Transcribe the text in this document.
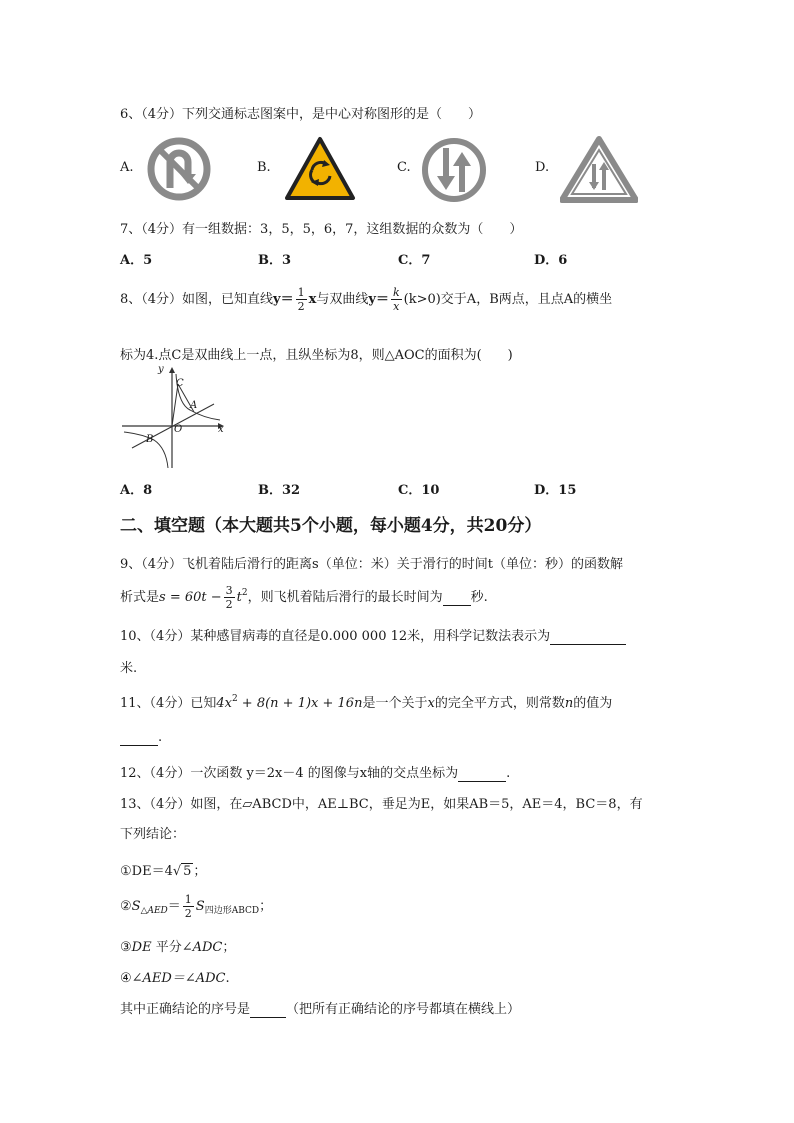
6、（4分）下列交通标志图案中，是中心对称图形的是（　　）
A.	B.	C.	D.
7、（4分）有一组数据：3，5，5，6，7，这组数据的众数为（　　）
A．5	B．3	C．7	D．6
8、（4分）如图，已知直线$y= \frac{1}{2}$ x与双曲线$y= \frac{k}{x} (k>0)$交于A，B两点，且点A的横坐
标为4.点C是双曲线上一点，且纵坐标为8，则△AOC的面积为(　　)
y
x
O
A
B
C
A．8	B．32	C．10	D．15
二、填空题（本大题共5个小题，每小题4分，共20分）
9、（4分）飞机着陆后滑行的距离s（单位：米）关于滑行的时间t（单位：秒）的函数解
析式是$s = 60t - \frac{3}{2} t^2$，则飞机着陆后滑行的最长时间为 秒.
10、（4分）某种感冒病毒的直径是0.000 000 12米，用科学记数法表示为
米.
11、（4分）已知$4x^2 + 8(n + 1)x + 16n$是一个关于x的完全平方式，则常数n的值为
.
12、（4分）一次函数 y＝2x－4 的图像与x轴的交点坐标为	.
13、（4分）如图，在▱ABCD中，AE⊥BC，垂足为E，如果AB＝5，AE＝4，BC＝8，有
下列结论：
①DE＝4√ 5 ；
$②S_{\triangle AED}= \frac{1}{2} S_{四边形ABCD}$；
③DE 平分∠ADC；
④∠AED＝∠ADC.
其中正确结论的序号是	（把所有正确结论的序号都填在横线上）
